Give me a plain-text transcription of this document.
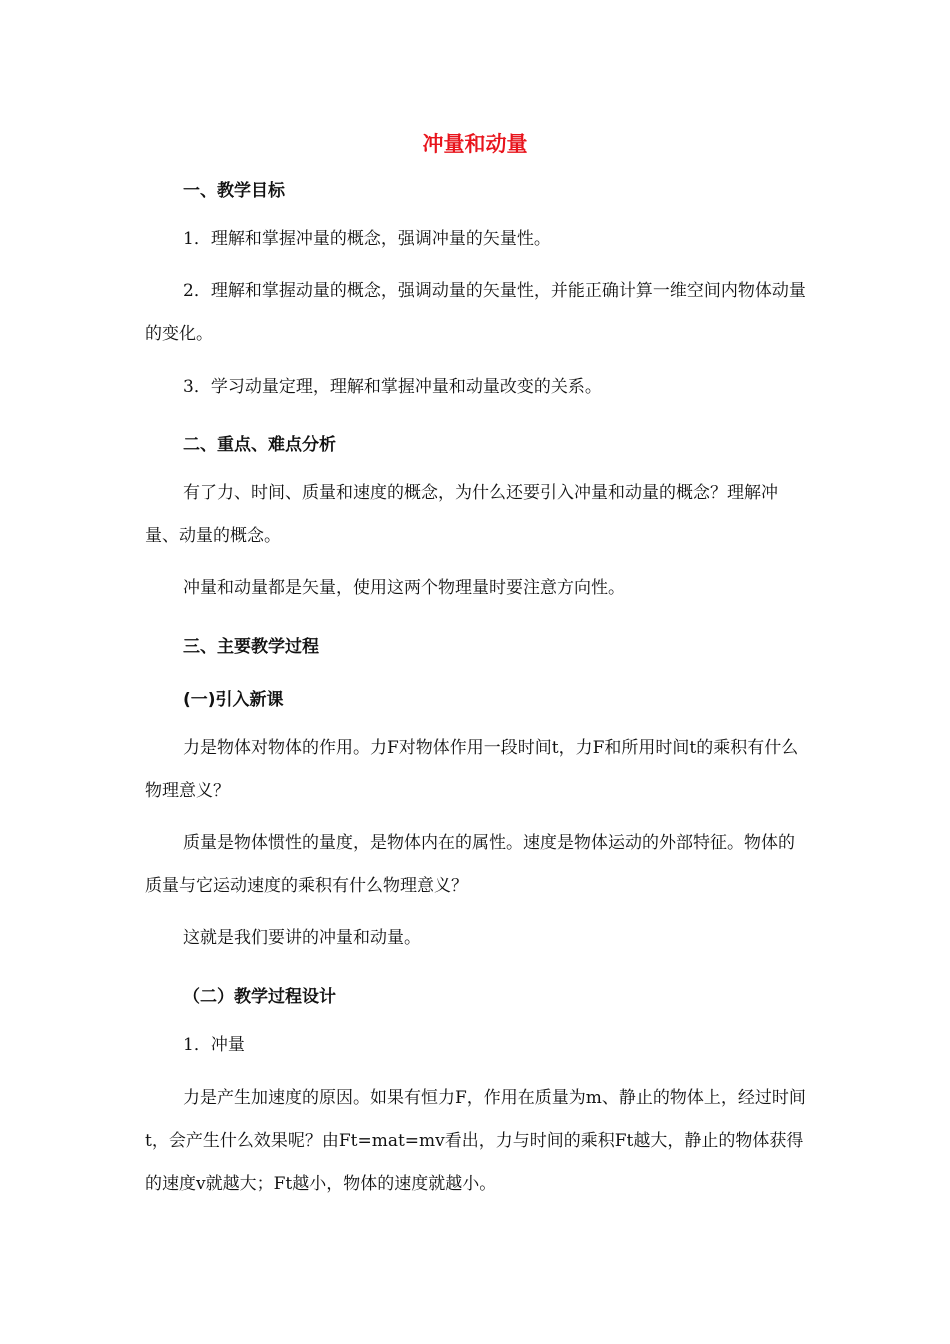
冲量和动量
一、教学目标
1．理解和掌握冲量的概念，强调冲量的矢量性。
2．理解和掌握动量的概念，强调动量的矢量性，并能正确计算一维空间内物体动量的变化。
3．学习动量定理，理解和掌握冲量和动量改变的关系。
二、重点、难点分析
有了力、时间、质量和速度的概念，为什么还要引入冲量和动量的概念？理解冲量、动量的概念。
冲量和动量都是矢量，使用这两个物理量时要注意方向性。
三、主要教学过程
(一)引入新课
力是物体对物体的作用。力F对物体作用一段时间t，力F和所用时间t的乘积有什么物理意义？
质量是物体惯性的量度，是物体内在的属性。速度是物体运动的外部特征。物体的质量与它运动速度的乘积有什么物理意义？
这就是我们要讲的冲量和动量。
（二）教学过程设计
1．冲量
力是产生加速度的原因。如果有恒力F，作用在质量为m、静止的物体上，经过时间t，会产生什么效果呢？由Ft=mat=mv看出，力与时间的乘积Ft越大，静止的物体获得的速度v就越大；Ft越小，物体的速度就越小。
